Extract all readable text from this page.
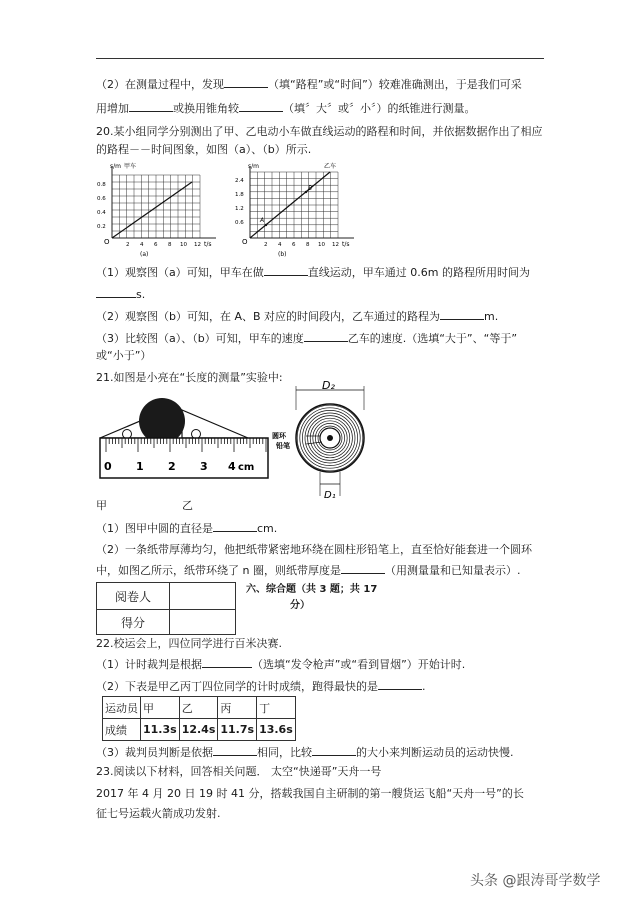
（2）在测量过程中，发现	（填“路程”或“时间”）较难准确测出，于是我们可采
用增加	或换用锥角较	（填〞大〞或〞小〞）的纸锥进行测量。
20.某小组同学分别测出了甲、乙电动小车做直线运动的路程和时间，并依据数据作出了相应
的路程－－时间图象，如图（a）、（b）所示.
甲车
s/m
O
0.8
0.6
0.4
0.2
2 4 6 8 10 12 t/s
(a)
乙车
s/m
A
B
O
2.4
1.8
1.2
0.6
2 4 6 8 10 12 t/s
(b)
（1）观察图（a）可知，甲车在做	直线运动，甲车通过 0.6m 的路程所用时间为
s.
（2）观察图（b）可知，在 A、B 对应的时间段内，乙车通过的路程为	m.
（3）比较图（a）、（b）可知，甲车的速度	乙车的速度.（选填“大于”、“等于”
或“小于”）
21.如图是小亮在“长度的测量”实验中:
0 1 2 3 4 cm
D₂
圆环
铅笔
D₁
甲	乙
（1）图甲中圆的直径是	cm.
（2）一条纸带厚薄均匀，他把纸带紧密地环绕在圆柱形铅笔上，直至恰好能套进一个圆环
中，如图乙所示，纸带环绕了 n 圈，则纸带厚度是	（用测量量和已知量表示）.
阅卷人	
得分	
六、综合题（共 3 题；共 17
分）
22.校运会上，四位同学进行百米决赛.
（1）计时裁判是根据	（选填“发令枪声”或“看到冒烟”）开始计时.
（2）下表是甲乙丙丁四位同学的计时成绩，跑得最快的是	.
运动员	甲	乙	丙	丁
成绩	11.3s	12.4s	11.7s	13.6s
（3）裁判员判断是依据	相同，比较	的大小来判断运动员的运动快慢.
23.阅读以下材料，回答相关问题． 太空“快递哥”天舟一号
2017 年 4 月 20 日 19 时 41 分，搭载我国自主研制的第一艘货运飞船“天舟一号”的长
征七号运载火箭成功发射.
头条 @跟涛哥学数学
